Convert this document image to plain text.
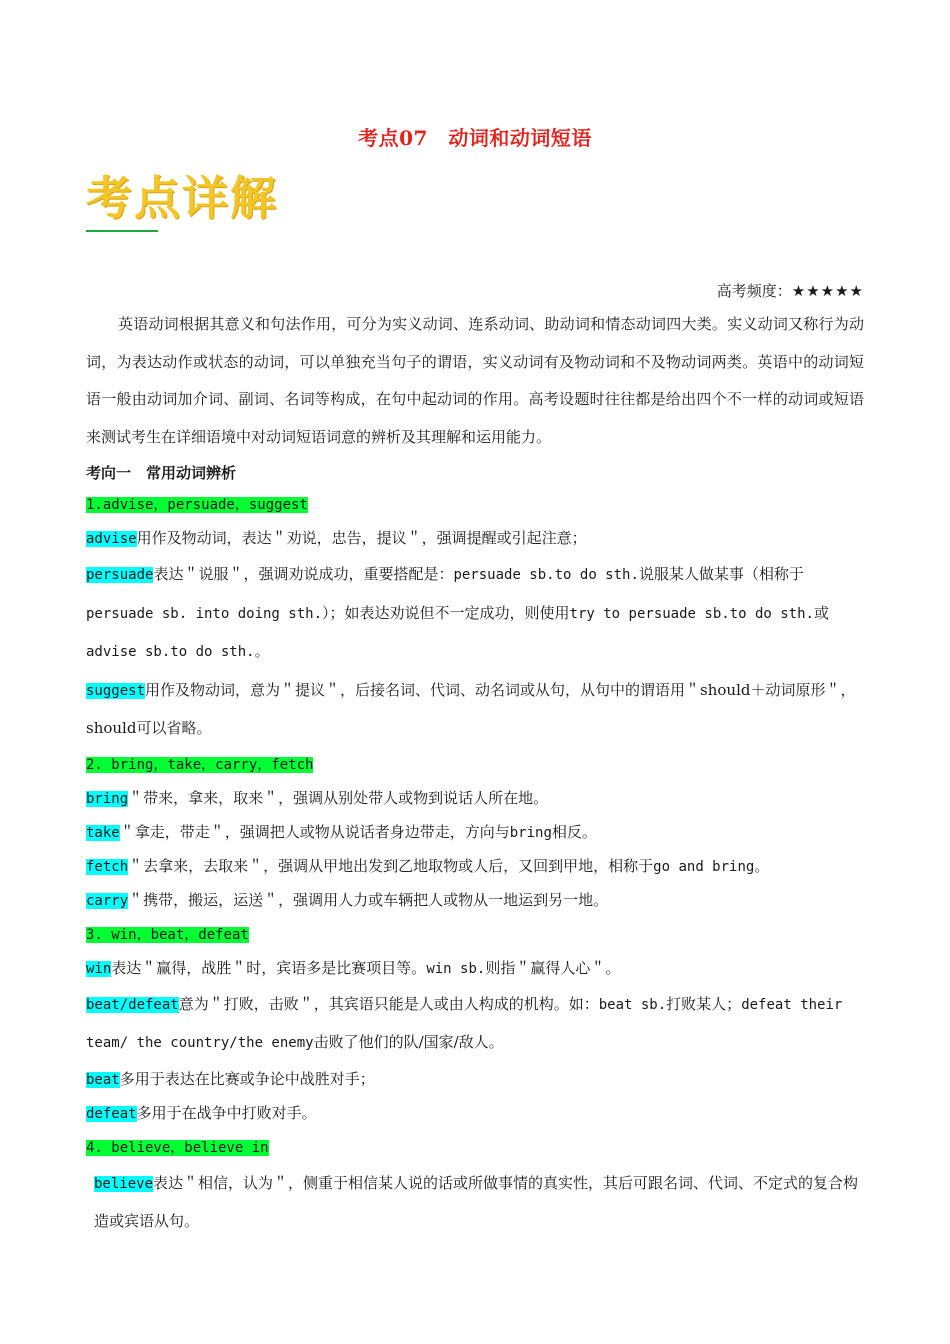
考点07　动词和动词短语
考点详解
高考频度：★★★★★

英语动词根据其意义和句法作用，可分为实义动词、连系动词、助动词和情态动词四大类。实义动词又称行为动词，为表达动作或状态的动词，可以单独充当句子的谓语，实义动词有及物动词和不及物动词两类。英语中的动词短语一般由动词加介词、副词、名词等构成，在句中起动词的作用。高考设题时往往都是给出四个不一样的动词或短语来测试考生在详细语境中对动词短语词意的辨析及其理解和运用能力。

考向一　常用动词辨析

1.advise，persuade，suggest

advise用作及物动词，表达＂劝说，忠告，提议＂，强调提醒或引起注意；

persuade表达＂说服＂，强调劝说成功，重要搭配是：persuade sb.to do sth.说服某人做某事（相称于persuade sb. into doing sth.）；如表达劝说但不一定成功，则使用try to persuade sb.to do sth.或advise sb.to do sth.。

suggest用作及物动词，意为＂提议＂，后接名词、代词、动名词或从句，从句中的谓语用＂should＋动词原形＂，should可以省略。

2. bring，take，carry，fetch

bring＂带来，拿来，取来＂，强调从别处带人或物到说话人所在地。

take＂拿走，带走＂，强调把人或物从说话者身边带走，方向与bring相反。

fetch＂去拿来，去取来＂，强调从甲地出发到乙地取物或人后，又回到甲地，相称于go and bring。

carry＂携带，搬运，运送＂，强调用人力或车辆把人或物从一地运到另一地。

3. win，beat，defeat

win表达＂赢得，战胜＂时，宾语多是比赛项目等。win sb.则指＂赢得人心＂。

beat/defeat意为＂打败，击败＂，其宾语只能是人或由人构成的机构。如：beat sb.打败某人；defeat their team/ the country/the enemy击败了他们的队/国家/敌人。

beat多用于表达在比赛或争论中战胜对手；

defeat多用于在战争中打败对手。

4. believe，believe in

believe表达＂相信，认为＂，侧重于相信某人说的话或所做事情的真实性，其后可跟名词、代词、不定式的复合构造或宾语从句。
